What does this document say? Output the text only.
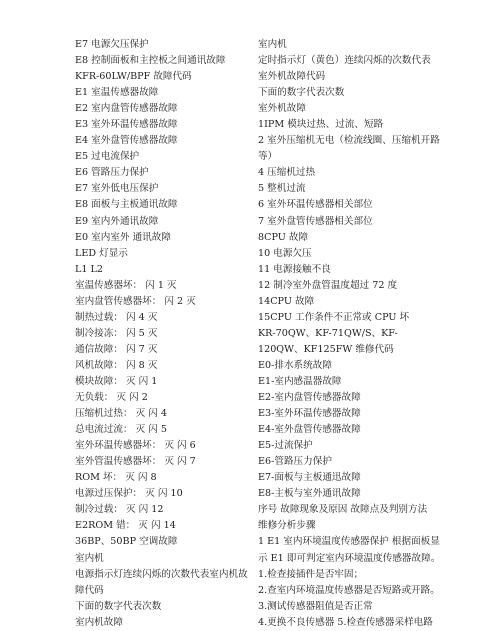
E7 电源欠压保护
E8 控制面板和主控板之间通讯故障
KFR-60LW/BPF 故障代码
E1 室温传感器故障
E2 室内盘管传感器故障
E3 室外环温传感器故障
E4 室外盘管传感器故障
E5 过电流保护
E6 管路压力保护
E7 室外低电压保护
E8 面板与主板通讯故障
E9 室内外通讯故障
E0 室内室外 通讯故障
LED 灯显示
L1 L2
室温传感器坏： 闪 1 灭
室内盘管传感器坏： 闪 2 灭
制热过载： 闪 4 灭
制冷接冻： 闪 5 灭
通信故障： 闪 7 灭
风机故障： 闪 8 灭
模块故障： 灭 闪 1
无负载： 灭 闪 2
压缩机过热： 灭 闪 4
总电流过流： 灭 闪 5
室外环温传感器坏： 灭 闪 6
室外管温传感器坏： 灭 闪 7
ROM 坏： 灭 闪 8
电源过压保护： 灭 闪 10
制冷过载： 灭 闪 12
E2ROM 错： 灭 闪 14
36BP、50BP 空调故障
室内机
电源指示灯连续闪烁的次数代表室内机故
障代码
下面的数字代表次数
室内机故障
室内机
定时指示灯（黄色）连续闪烁的次数代表
室外机故障代码
下面的数字代表次数
室外机故障
1IPM 模块过热、过流、短路
2 室外压缩机无电（检流线圈、压缩机开路
等）
4 压缩机过热
5 整机过流
6 室外环温传感器相关部位
7 室外盘管传感器相关部位
8CPU 故障
10 电源欠压
11 电源接触不良
12 制冷室外盘管温度超过 72 度
14CPU 故障
15CPU 工作条件不正常或 CPU 坏
KR-70QW、KF-71QW/S、KF-
120QW、KF125FW 维修代码
E0-排水系统故障
E1-室内感温器故障
E2-室内盘管传感器故障
E3-室外环温传感器故障
E4-室外盘管传感器故障
E5-过流保护
E6-管路压力保护
E7-面板与主板通迅故障
E8-主板与室外通讯故障
序号 故障现象及原因 故障点及判别方法
维修分析步骤
1 E1 室内环境温度传感器保护 根据面板显
示 E1 即可判定室内环境温度传感器故障。
1.检查接插件是否牢固；
2.查室内环境温度传感器是否短路或开路。
3.测试传感器阻值是否正常
4.更换不良传感器 5.检查传感器采样电路
